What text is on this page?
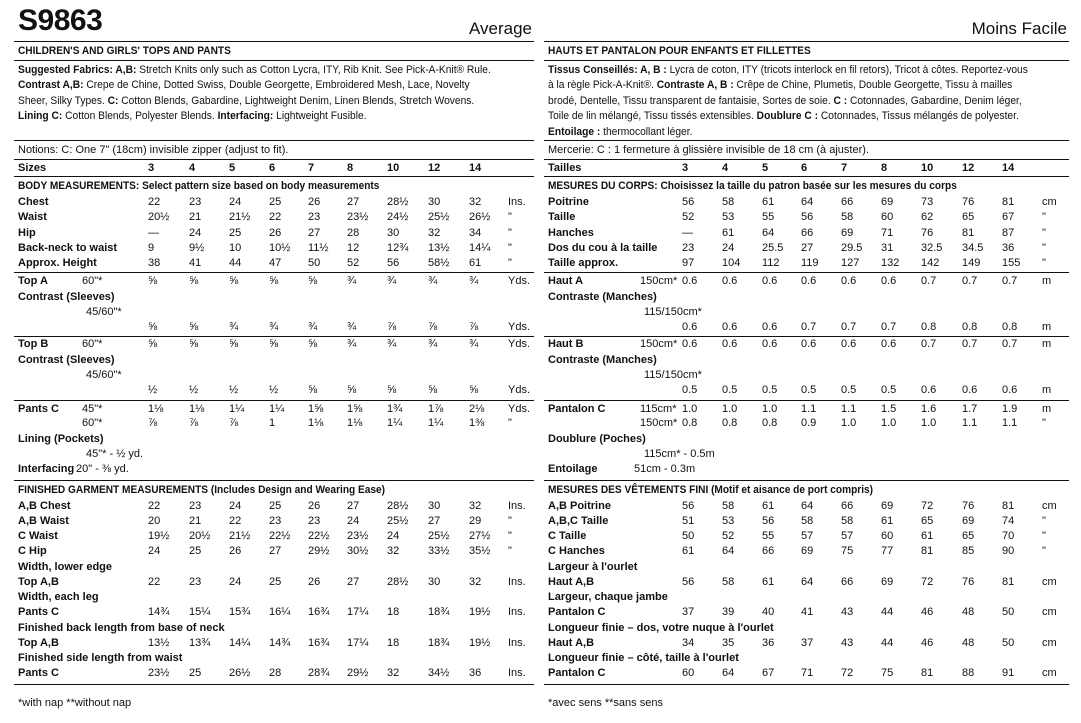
S9863	Average
CHILDREN'S AND GIRLS' TOPS AND PANTS
Suggested Fabrics: A,B: Stretch Knits only such as Cotton Lycra, ITY, Rib Knit. See Pick-A-Knit® Rule. Contrast A,B: Crepe de Chine, Dotted Swiss, Double Georgette, Embroidered Mesh, Lace, Novelty Sheer, Silky Types. C: Cotton Blends, Gabardine, Lightweight Denim, Linen Blends, Stretch Wovens. Lining C: Cotton Blends, Polyester Blends. Interfacing: Lightweight Fusible.
Notions: C: One 7" (18cm) invisible zipper (adjust to fit).
*with nap **without nap
Sizes	3	4	5	6	7	8	10	12	14
BODY MEASUREMENTS: Select pattern size based on body measurements
Chest	22	23	24	25 26 27	28½ 30	32 Ins.
Waist	20½ 21	21½ 22 23 23½ 24½ 25½ 26½ "
Hip	—	24	25	26 27 28	30	32	34 "
Back-neck to waist	9	9½ 10	10½ 11½ 12	12¾ 13½ 14¼ "
Approx. Height	38	41	44	47 50 52	56	58½ 61 "
Top A	60"*	⅝	⅝	⅝	⅝	⅝	¾	¾	¾	¾	Yds.
Contrast (Sleeves)
45/60"*
⅝	⅝	¾	¾	¾	¾	⅞	⅞	⅞	Yds.
Top B	60"*	⅝	⅝	⅝	⅝	⅝	¾	¾	¾	¾	Yds.
Contrast (Sleeves)
45/60"*
½	½	½	½	⅝	⅝	⅝	⅝	⅝	Yds.
Pants C 45"*	1⅛ 1⅛ 1¼ 1¼ 1⅝ 1⅝ 1¾ 1⅞ 2⅛ Yds.
60"*	⅞	⅞	⅞	1	1⅛ 1⅛ 1¼ 1¼ 1⅜ "
Lining (Pockets)
45"* - ½ yd.
Interfacing 20" - ⅜ yd.
FINISHED GARMENT MEASUREMENTS (Includes Design and Wearing Ease)
A,B Chest	22	23	24	25 26 27	28½ 30	32 Ins.
A,B Waist	20	21	22	23 23 24	25½ 27	29 "
C Waist	19½ 20½ 21½ 22½ 22½ 23½ 24	25½ 27½ "
C Hip	24	25	26	27 29½ 30½ 32	33½ 35½ "
Width, lower edge
Top A,B	22	23	24	25 26 27	28½ 30	32 Ins.
Width, each leg
Pants C	14¾ 15¼ 15¾ 16¼ 16¾ 17¼ 18	18¾ 19½ Ins.
Finished back length from base of neck
Top A,B	13½ 13¾ 14¼ 14¾ 16¾ 17¼ 18	18¾ 19½ Ins.
Finished side length from waist
Pants C	23½ 25	26½ 28 28¾ 29½ 32	34½ 36 Ins.
Moins Facile
HAUTS ET PANTALON POUR ENFANTS ET FILLETTES
Tissus Conseillés: A, B : Lycra de coton, ITY (tricots interlock en fil retors), Tricot à côtes. Reportez-vous à la règle Pick-A-Knit®. Contraste A, B : Crêpe de Chine, Plumetis, Double Georgette, Tissu à mailles brodé, Dentelle, Tissu transparent de fantaisie, Sortes de soie. C : Cotonnades, Gabardine, Denim léger, Toile de lin mélangé, Tissu tissés extensibles. Doublure C : Cotonnades, Tissus mélangés de polyester. Entoilage : thermocollant léger.
Mercerie: C : 1 fermeture à glissière invisible de 18 cm (à ajuster).
*avec sens **sans sens
Tailles	3	4	5	6	7	8	10	12	14
MESURES DU CORPS: Choisissez la taille du patron basée sur les mesures du corps
Poitrine	56	58	61 64	66	69	73	76	81	cm
Taille	52	53	55 56	58	60	62	65	67	"
Hanches	—	61	64 66	69	71	76	81	87	"
Dos du cou à la taille 23	24	25.5 27	29.5 31	32.5 34.5 36	"
Taille approx.	97	104 112 119 127 132 142 149 155 "
Haut A	150cm* 0.6 0.6 0.6 0.6 0.6 0.6 0.7 0.7 0.7 m
Contraste (Manches)
115/150cm*
0.6 0.6 0.6 0.7 0.7 0.7 0.8 0.8 0.8 m
Haut B	150cm* 0.6 0.6 0.6 0.6 0.6 0.6 0.7 0.7 0.7 m
Contraste (Manches)
115/150cm*
0.5 0.5 0.5 0.5 0.5 0.5 0.6 0.6 0.6 m
Pantalon C	115cm* 1.0 1.0 1.0 1.1 1.1 1.5 1.6 1.7 1.9 m
150cm* 0.8 0.8 0.8 0.9 1.0 1.0 1.0 1.1 1.1 "
Doublure (Poches)
115cm* - 0.5m
Entoilage	51cm - 0.3m
MESURES DES VÊTEMENTS FINI (Motif et aisance de port compris)
A,B Poitrine	56	58	61 64	66	69	72	76	81	cm
A,B,C Taille	51	53	56 58	58	61	65	69	74	"
C Taille	50	52	55 57	57	60	61	65	70	"
C Hanches	61	64	66 69	75	77	81	85	90	"
Largeur à l'ourlet
Haut A,B	56	58	61 64	66	69	72	76	81	cm
Largeur, chaque jambe
Pantalon C	37	39	40 41	43	44	46	48	50	cm
Longueur finie – dos, votre nuque à l'ourlet
Haut A,B	34	35	36 37	43	44	46	48	50	cm
Longueur finie – côté, taille à l'ourlet
Pantalon C	60	64	67 71	72	75	81	88	91	cm
